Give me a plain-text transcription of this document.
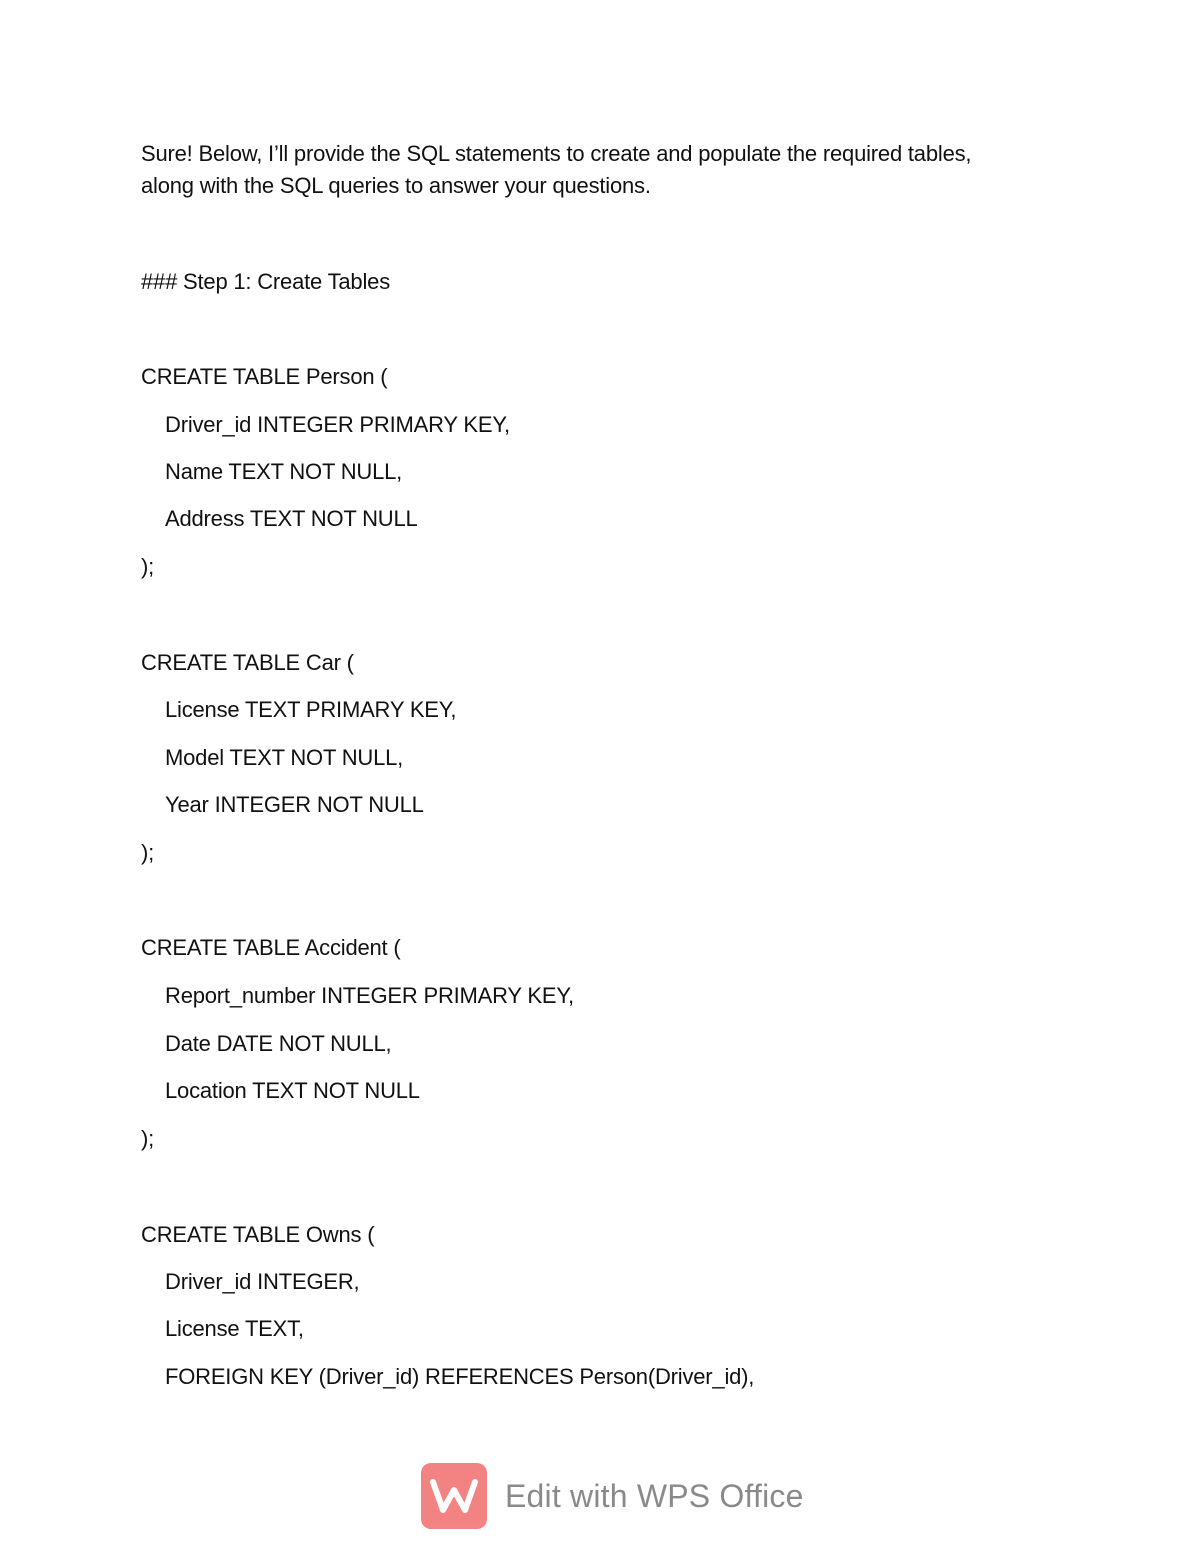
Sure! Below, I’ll provide the SQL statements to create and populate the required tables,
along with the SQL queries to answer your questions.
### Step 1: Create Tables
CREATE TABLE Person (
Driver_id INTEGER PRIMARY KEY,
Name TEXT NOT NULL,
Address TEXT NOT NULL
);
CREATE TABLE Car (
License TEXT PRIMARY KEY,
Model TEXT NOT NULL,
Year INTEGER NOT NULL
);
CREATE TABLE Accident (
Report_number INTEGER PRIMARY KEY,
Date DATE NOT NULL,
Location TEXT NOT NULL
);
CREATE TABLE Owns (
Driver_id INTEGER,
License TEXT,
FOREIGN KEY (Driver_id) REFERENCES Person(Driver_id),
Edit with WPS Office
